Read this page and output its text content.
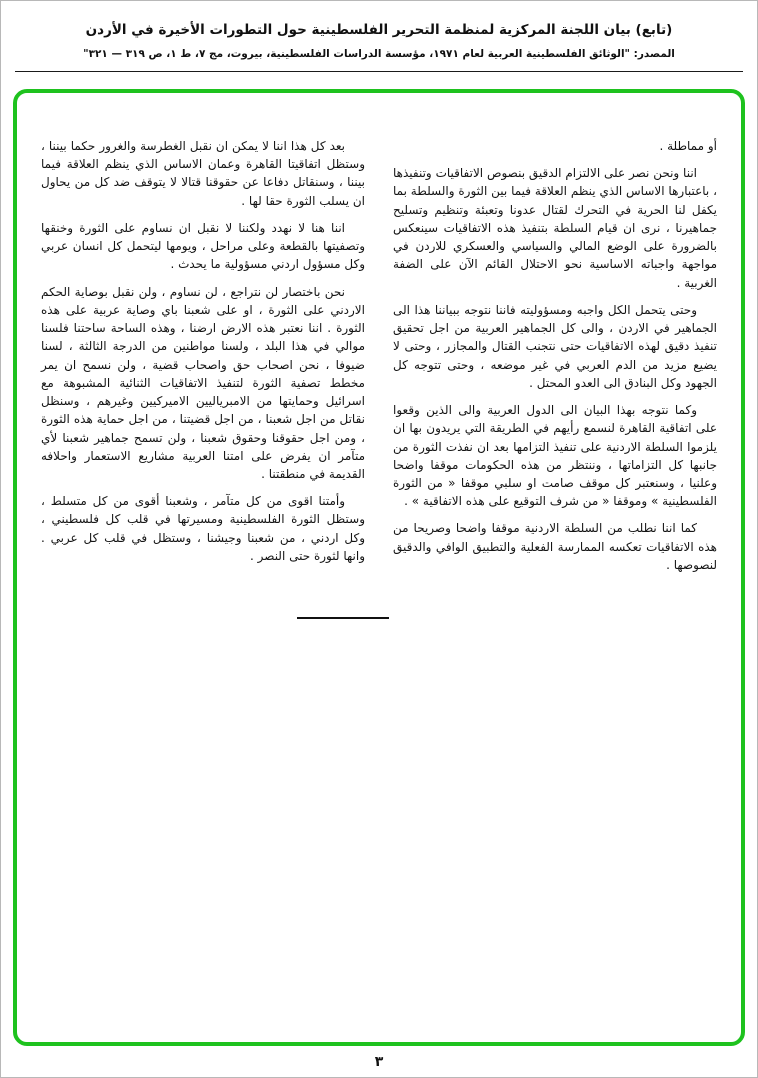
(تابع) بيان اللجنة المركزية لمنظمة التحرير الفلسطينية حول التطورات الأخيرة في الأردن
المصدر: "الوثائق الفلسطينية العربية لعام ١٩٧١، مؤسسة الدراسات الفلسطينية، بيروت، مج ٧، ط ١، ص ٣١٩ — ٣٢١"

أو مماطلة .

اننا ونحن نصر على الالتزام الدقيق بنصوص الاتفاقيات وتنفيذها ، باعتبارها الاساس الذي ينظم العلاقة فيما بين الثورة والسلطة بما يكفل لنا الحرية في التحرك لقتال عدونا وتعبئة وتنظيم وتسليح جماهيرنا ، نرى ان قيام السلطة بتنفيذ هذه الاتفاقيات سينعكس بالضرورة على الوضع المالي والسياسي والعسكري للاردن في مواجهة واجباته الاساسية نحو الاحتلال القائم الآن على الضفة الغربية .

وحتى يتحمل الكل واجبه ومسؤوليته فاننا نتوجه ببياننا هذا الى الجماهير في الاردن ، والى كل الجماهير العربية من اجل تحقيق تنفيذ دقيق لهذه الاتفاقيات حتى نتجنب القتال والمجازر ، وحتى لا يضيع مزيد من الدم العربي في غير موضعه ، وحتى تتوجه كل الجهود وكل البنادق الى العدو المحتل .

وكما نتوجه بهذا البيان الى الدول العربية والى الذين وقعوا على اتفاقية القاهرة لنسمع رأيهم في الطريقة التي يريدون بها ان يلزموا السلطة الاردنية على تنفيذ التزامها بعد ان نفذت الثورة من جانبها كل التزاماتها ، وننتظر من هذه الحكومات موقفا واضحا وعلنيا ، وسنعتبر كل موقف صامت او سلبي موقفا « من الثورة الفلسطينية » وموقفا « من شرف التوقيع على هذه الاتفاقية » .

كما اننا نطلب من السلطة الاردنية موقفا واضحا وصريحا من هذه الاتفاقيات تعكسه الممارسة الفعلية والتطبيق الوافي والدقيق لنصوصها .

بعد كل هذا اننا لا يمكن ان نقبل الغطرسة والغرور حكما بيننا ، وستظل اتفاقيتا القاهرة وعمان الاساس الذي ينظم العلاقة فيما بيننا ، وسنقاتل دفاعا عن حقوقنا قتالا لا يتوقف ضد كل من يحاول ان يسلب الثورة حقا لها .

اننا هنا لا نهدد ولكننا لا نقبل ان نساوم على الثورة وخنقها وتصفيتها بالقطعة وعلى مراحل ، ويومها ليتحمل كل انسان عربي وكل مسؤول اردني مسؤولية ما يحدث .

نحن باختصار لن نتراجع ، لن نساوم ، ولن نقبل بوصاية الحكم الاردني على الثورة ، او على شعبنا باي وصاية عربية على هذه الثورة . اننا نعتبر هذه الارض ارضنا ، وهذه الساحة ساحتنا فلسنا موالي في هذا البلد ، ولسنا مواطنين من الدرجة الثالثة ، لسنا ضيوفا ، نحن اصحاب حق واصحاب قضية ، ولن نسمح ان يمر مخطط تصفية الثورة لتنفيذ الاتفاقيات الثنائية المشبوهة مع اسرائيل وحمايتها من الامبرياليين الاميركيين وغيرهم ، وسنظل نقاتل من اجل شعبنا ، من اجل قضيتنا ، من اجل حماية هذه الثورة ، ومن اجل حقوقنا وحقوق شعبنا ، ولن تسمح جماهير شعبنا لأي متآمر ان يفرض على امتنا العربية مشاريع الاستعمار واحلافه القديمة في منطقتنا .

وأمتنا اقوى من كل متآمر ، وشعبنا أقوى من كل متسلط ، وستظل الثورة الفلسطينية ومسيرتها في قلب كل فلسطيني ، وكل اردني ، من شعبنا وجيشنا ، وستظل في قلب كل عربي . وانها لثورة حتى النصر .

٣
